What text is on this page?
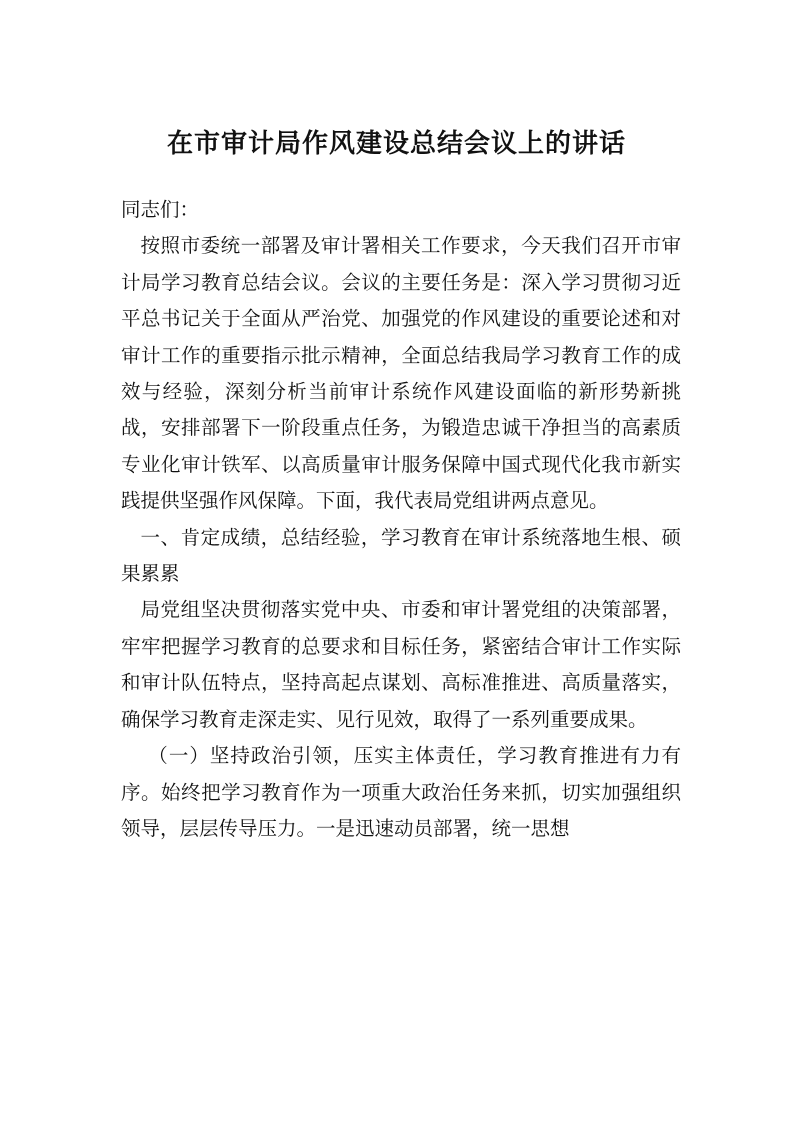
在市审计局作风建设总结会议上的讲话

同志们：

按照市委统一部署及审计署相关工作要求，今天我们召开市审计局学习教育总结会议。会议的主要任务是：深入学习贯彻习近平总书记关于全面从严治党、加强党的作风建设的重要论述和对审计工作的重要指示批示精神，全面总结我局学习教育工作的成效与经验，深刻分析当前审计系统作风建设面临的新形势新挑战，安排部署下一阶段重点任务，为锻造忠诚干净担当的高素质专业化审计铁军、以高质量审计服务保障中国式现代化我市新实践提供坚强作风保障。下面，我代表局党组讲两点意见。

一、肯定成绩，总结经验，学习教育在审计系统落地生根、硕果累累

局党组坚决贯彻落实党中央、市委和审计署党组的决策部署，牢牢把握学习教育的总要求和目标任务，紧密结合审计工作实际和审计队伍特点，坚持高起点谋划、高标准推进、高质量落实，确保学习教育走深走实、见行见效，取得了一系列重要成果。

（一）坚持政治引领，压实主体责任，学习教育推进有力有序。始终把学习教育作为一项重大政治任务来抓，切实加强组织领导，层层传导压力。一是迅速动员部署，统一思想
